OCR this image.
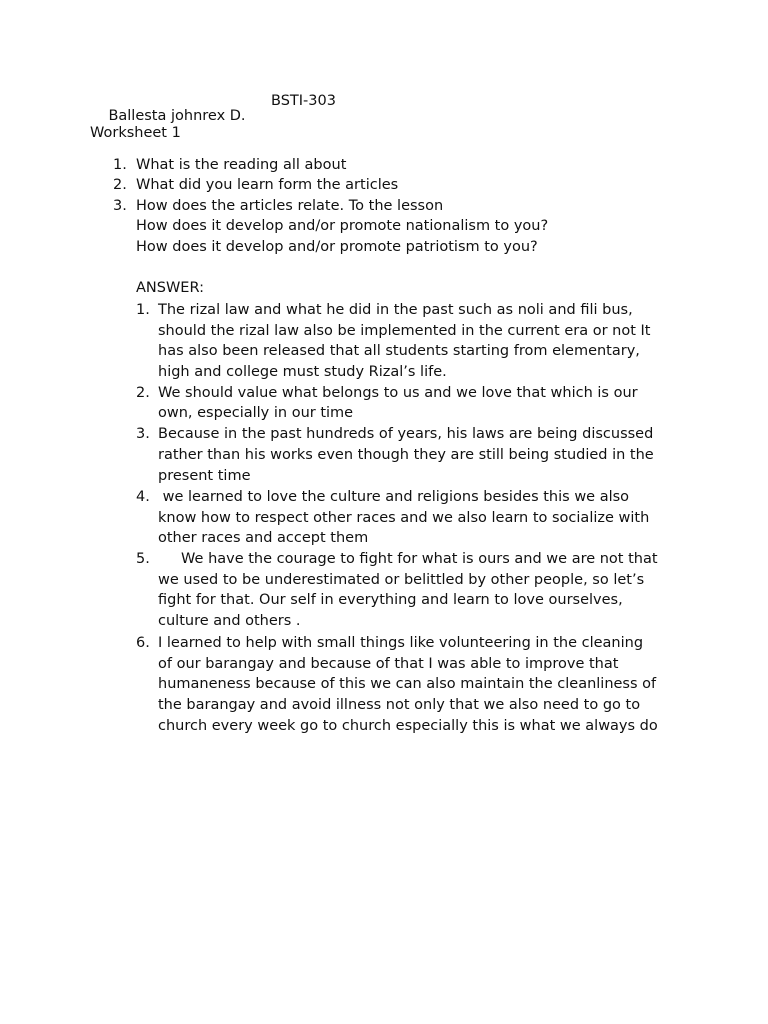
Ballesta johnrex D.

BSTI-303

Worksheet 1
1. What is the reading all about
2. What did you learn form the articles
3. How does the articles relate. To the lesson
How does it develop and/or promote nationalism to you?
How does it develop and/or promote patriotism to you?
ANSWER:
1. The rizal law and what he did in the past such as noli and fili bus,
should the rizal law also be implemented in the current era or not It
has also been released that all students starting from elementary,
high and college must study Rizal’s life.
2. We should value what belongs to us and we love that which is our
own, especially in our time
3. Because in the past hundreds of years, his laws are being discussed
rather than his works even though they are still being studied in the
present time
4. we learned to love the culture and religions besides this we also
know how to respect other races and we also learn to socialize with
other races and accept them
5. We have the courage to fight for what is ours and we are not that
we used to be underestimated or belittled by other people, so let’s
fight for that. Our self in everything and learn to love ourselves,
culture and others .
6. I learned to help with small things like volunteering in the cleaning
of our barangay and because of that I was able to improve that
humaneness because of this we can also maintain the cleanliness of
the barangay and avoid illness not only that we also need to go to
church every week go to church especially this is what we always do
